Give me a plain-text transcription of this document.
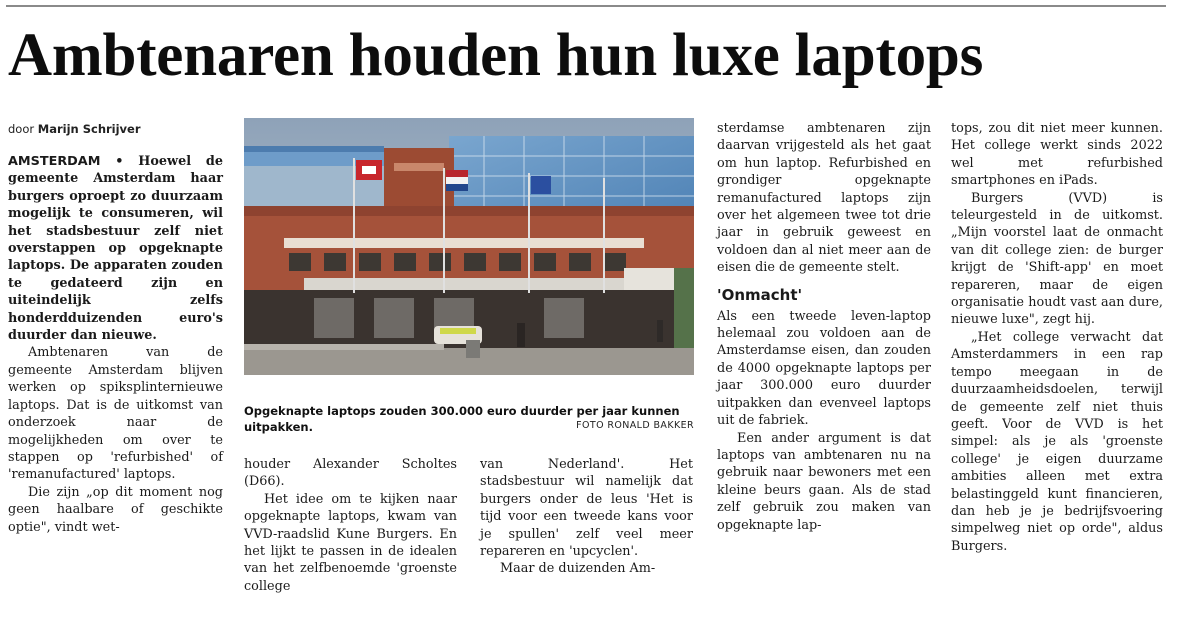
Ambtenaren houden hun luxe laptops
door Marijn Schrijver

AMSTERDAM • Hoewel de gemeente Amsterdam haar burgers oproept zo duurzaam mogelijk te consumeren, wil het stadsbestuur zelf niet overstappen op opgeknapte laptops. De apparaten zouden te gedateerd zijn en uiteindelijk zelfs honderdduizenden euro's duurder dan nieuwe.

Ambtenaren van de gemeente Amsterdam blijven werken op spiksplinternieuwe laptops. Dat is de uitkomst van onderzoek naar de mogelijkheden om over te stappen op 'refurbished' of 'remanufactured' laptops.

Die zijn „op dit moment nog geen haalbare of geschikte optie", vindt wet-

Opgeknapte laptops zouden 300.000 euro duurder per jaar kunnen uitpakken.	FOTO RONALD BAKKER

houder Alexander Scholtes (D66).

Het idee om te kijken naar opgeknapte laptops, kwam van VVD-raadslid Kune Burgers. En het lijkt te passen in de idealen van het zelfbenoemde 'groenste college

van Nederland'. Het stadsbestuur wil namelijk dat burgers onder de leus 'Het is tijd voor een tweede kans voor je spullen' zelf veel meer repareren en 'upcyclen'.

Maar de duizenden Am-

sterdamse ambtenaren zijn daarvan vrijgesteld als het gaat om hun laptop. Refurbished en grondiger opgeknapte remanufactured laptops zijn over het algemeen twee tot drie jaar in gebruik geweest en voldoen dan al niet meer aan de eisen die de gemeente stelt.

'Onmacht'

Als een tweede leven-laptop helemaal zou voldoen aan de Amsterdamse eisen, dan zouden de 4000 opgeknapte laptops per jaar 300.000 euro duurder uitpakken dan evenveel laptops uit de fabriek.

Een ander argument is dat laptops van ambtenaren nu na gebruik naar bewoners met een kleine beurs gaan. Als de stad zelf gebruik zou maken van opgeknapte lap-

tops, zou dit niet meer kunnen. Het college werkt sinds 2022 wel met refurbished smartphones en iPads.

Burgers (VVD) is teleurgesteld in de uitkomst. „Mijn voorstel laat de onmacht van dit college zien: de burger krijgt de 'Shift-app' en moet repareren, maar de eigen organisatie houdt vast aan dure, nieuwe luxe", zegt hij.

„Het college verwacht dat Amsterdammers in een rap tempo meegaan in de duurzaamheidsdoelen, terwijl de gemeente zelf niet thuis geeft. Voor de VVD is het simpel: als je als 'groenste college' je eigen duurzame ambities alleen met extra belastinggeld kunt financieren, dan heb je je bedrijfsvoering simpelweg niet op orde", aldus Burgers.
